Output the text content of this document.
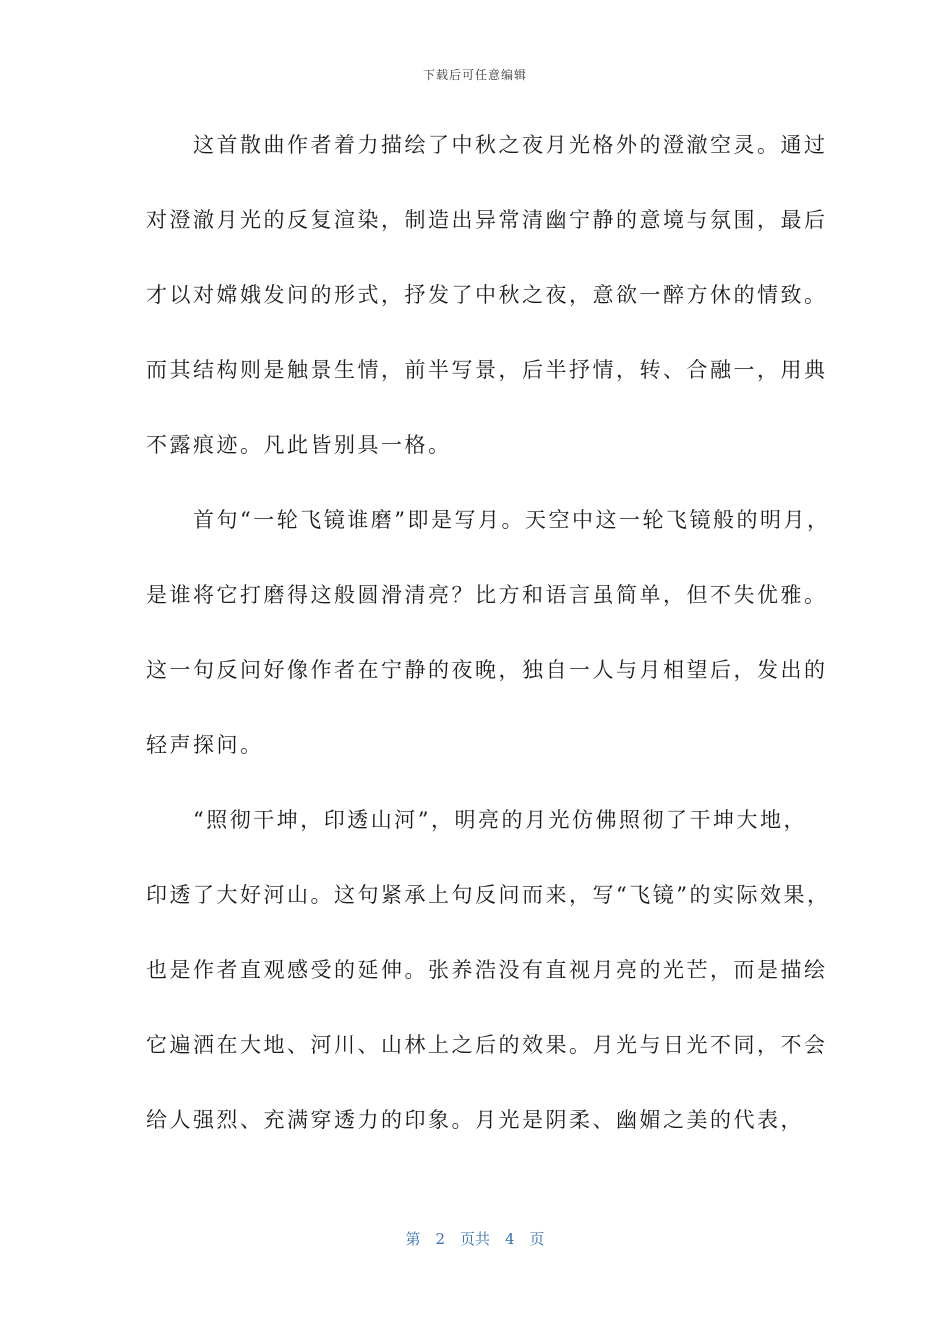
下载后可任意编辑
　　这首散曲作者着力描绘了中秋之夜月光格外的澄澈空灵。通过
对澄澈月光的反复渲染，制造出异常清幽宁静的意境与氛围，最后
才以对嫦娥发问的形式，抒发了中秋之夜，意欲一醉方休的情致。
而其结构则是触景生情，前半写景，后半抒情，转、合融一，用典
不露痕迹。凡此皆别具一格。
　　首句“一轮飞镜谁磨”即是写月。天空中这一轮飞镜般的明月，
是谁将它打磨得这般圆滑清亮？比方和语言虽简单，但不失优雅。
这一句反问好像作者在宁静的夜晚，独自一人与月相望后，发出的
轻声探问。
　　“照彻干坤，印透山河”，明亮的月光仿佛照彻了干坤大地，
印透了大好河山。这句紧承上句反问而来，写“飞镜”的实际效果，
也是作者直观感受的延伸。张养浩没有直视月亮的光芒，而是描绘
它遍洒在大地、河川、山林上之后的效果。月光与日光不同，不会
给人强烈、充满穿透力的印象。月光是阴柔、幽媚之美的代表，
第　2　页共　4　页
